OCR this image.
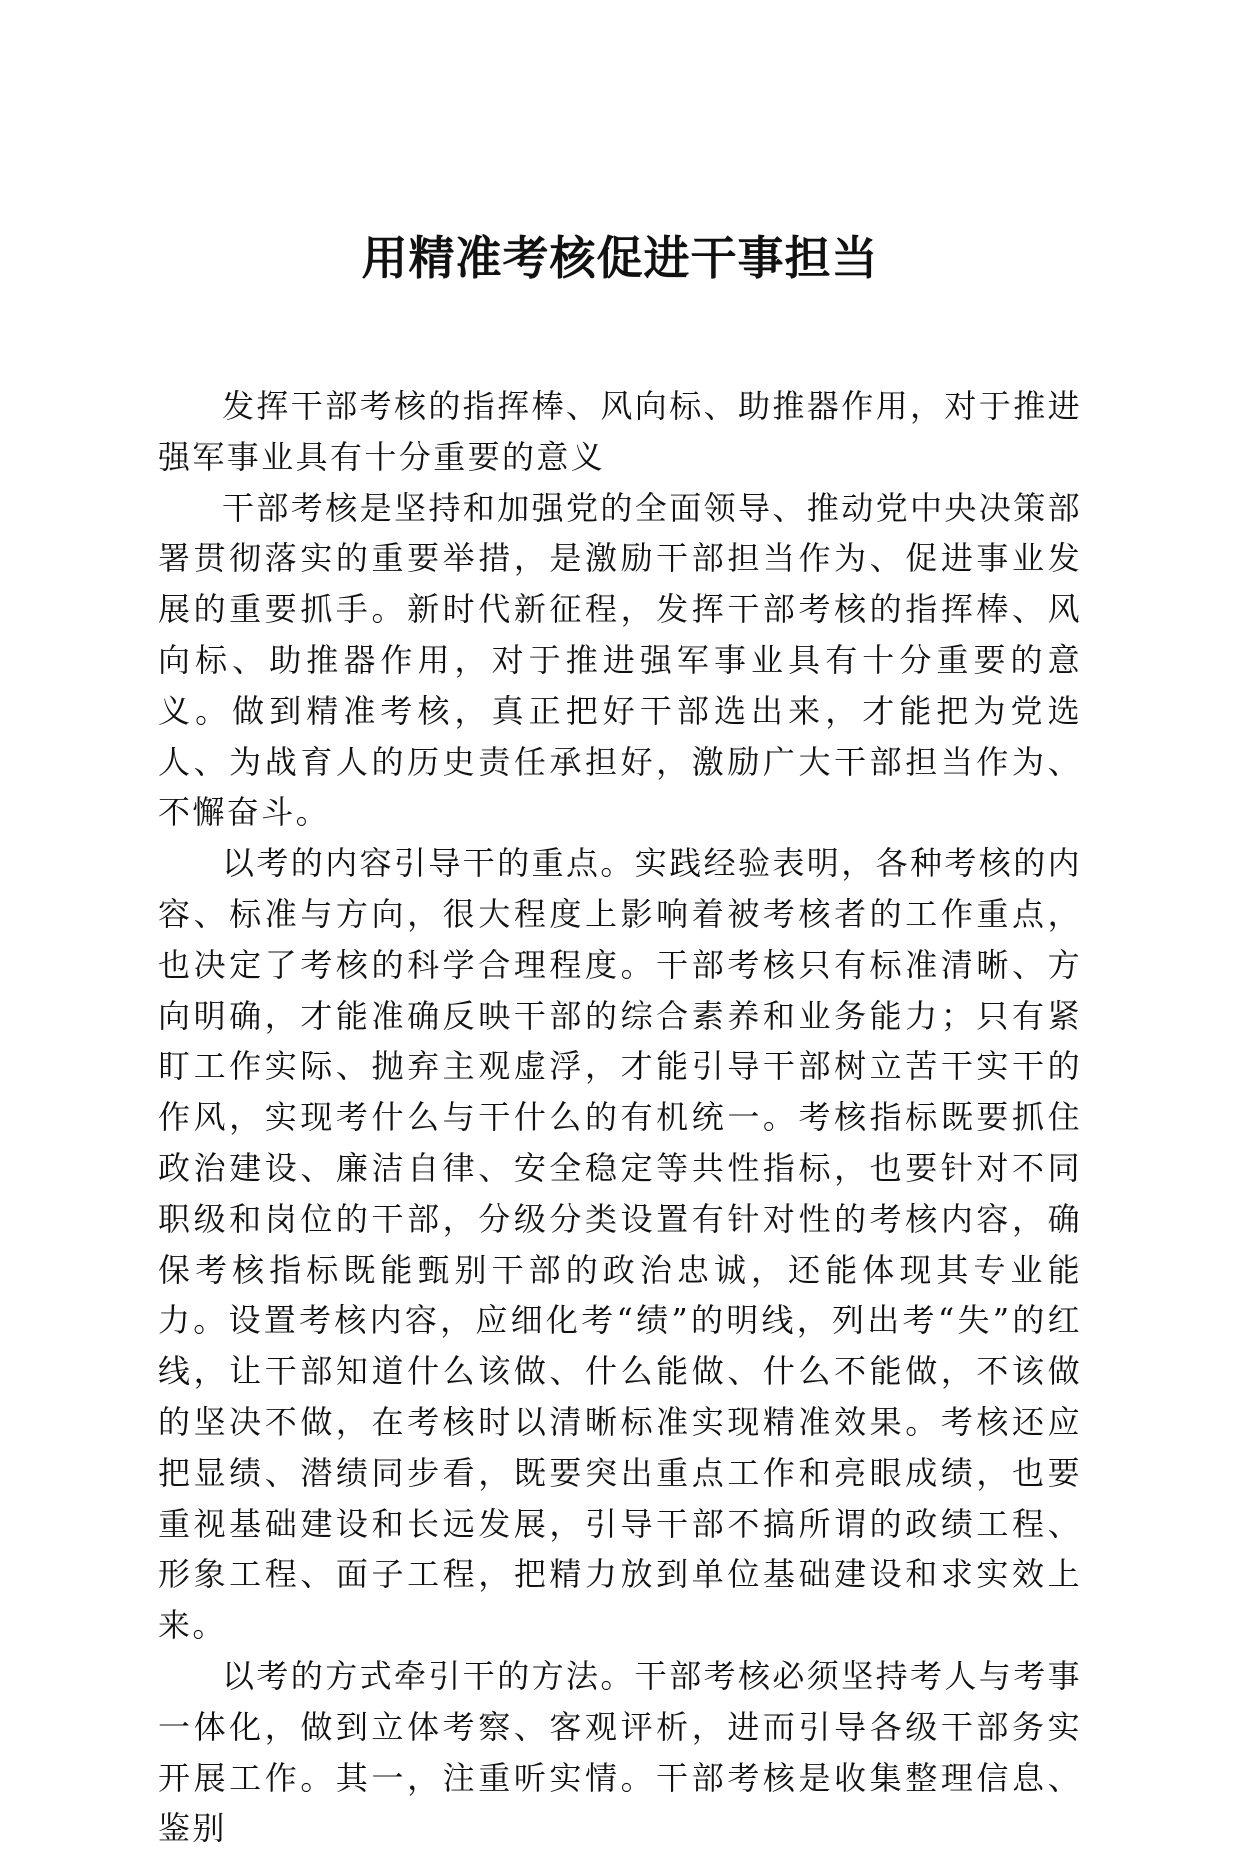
用精准考核促进干事担当

发挥干部考核的指挥棒、风向标、助推器作用，对于推进强军事业具有十分重要的意义

干部考核是坚持和加强党的全面领导、推动党中央决策部署贯彻落实的重要举措，是激励干部担当作为、促进事业发展的重要抓手。新时代新征程，发挥干部考核的指挥棒、风向标、助推器作用，对于推进强军事业具有十分重要的意义。做到精准考核，真正把好干部选出来，才能把为党选人、为战育人的历史责任承担好，激励广大干部担当作为、不懈奋斗。

以考的内容引导干的重点。实践经验表明，各种考核的内容、标准与方向，很大程度上影响着被考核者的工作重点，也决定了考核的科学合理程度。干部考核只有标准清晰、方向明确，才能准确反映干部的综合素养和业务能力；只有紧盯工作实际、抛弃主观虚浮，才能引导干部树立苦干实干的作风，实现考什么与干什么的有机统一。考核指标既要抓住政治建设、廉洁自律、安全稳定等共性指标，也要针对不同职级和岗位的干部，分级分类设置有针对性的考核内容，确保考核指标既能甄别干部的政治忠诚，还能体现其专业能力。设置考核内容，应细化考“绩”的明线，列出考“失”的红线，让干部知道什么该做、什么能做、什么不能做，不该做的坚决不做，在考核时以清晰标准实现精准效果。考核还应把显绩、潜绩同步看，既要突出重点工作和亮眼成绩，也要重视基础建设和长远发展，引导干部不搞所谓的政绩工程、形象工程、面子工程，把精力放到单位基础建设和求实效上来。

以考的方式牵引干的方法。干部考核必须坚持考人与考事一体化，做到立体考察、客观评析，进而引导各级干部务实开展工作。其一，注重听实情。干部考核是收集整理信息、鉴别
